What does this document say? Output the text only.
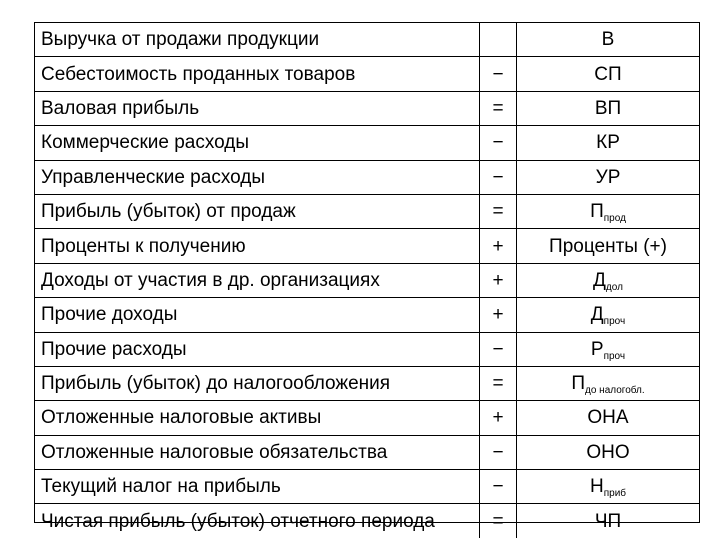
Выручка от продажи продукции		В
Себестоимость проданных товаров	−	СП
Валовая прибыль	=	ВП
Коммерческие расходы	−	КР
Управленческие расходы	−	УР
Прибыль (убыток) от продаж	=	$П_{прод}$
Проценты к получению	+	Проценты (+)
Доходы от участия в др. организациях	+	$Д_{дол}$
Прочие доходы	+	$Д_{проч}$
Прочие расходы	−	$Р_{проч}$
Прибыль (убыток) до налогообложения	=	$П_{до налогобл.}$
Отложенные налоговые активы	+	ОНА
Отложенные налоговые обязательства	−	ОНО
Текущий налог на прибыль	−	$Н_{приб}$
Чистая прибыль (убыток) отчетного периода	=	ЧП
